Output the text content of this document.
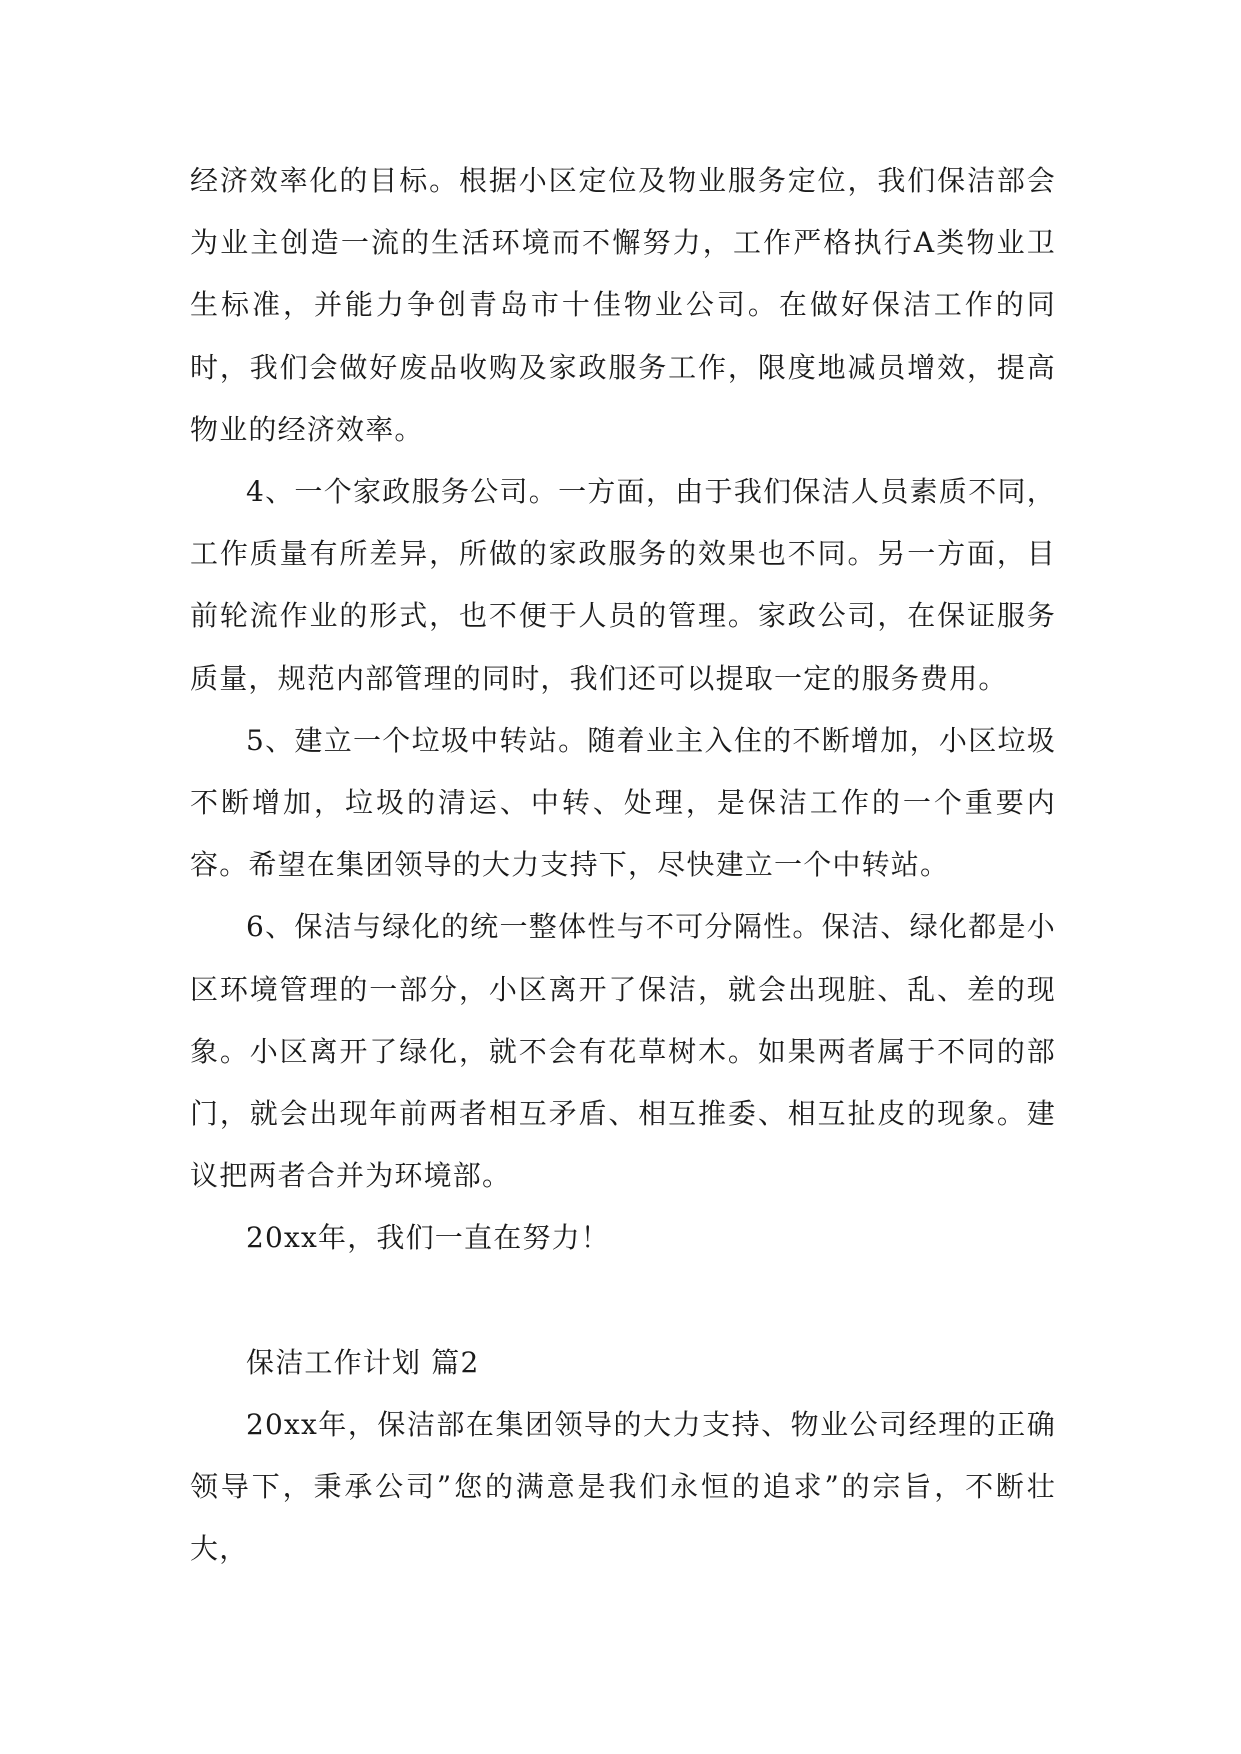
经济效率化的目标。根据小区定位及物业服务定位，我们保洁部会为业主创造一流的生活环境而不懈努力，工作严格执行A类物业卫生标准，并能力争创青岛市十佳物业公司。在做好保洁工作的同时，我们会做好废品收购及家政服务工作，限度地减员增效，提高物业的经济效率。

4、一个家政服务公司。一方面，由于我们保洁人员素质不同，工作质量有所差异，所做的家政服务的效果也不同。另一方面，目前轮流作业的形式，也不便于人员的管理。家政公司，在保证服务质量，规范内部管理的同时，我们还可以提取一定的服务费用。

5、建立一个垃圾中转站。随着业主入住的不断增加，小区垃圾不断增加，垃圾的清运、中转、处理，是保洁工作的一个重要内容。希望在集团领导的大力支持下，尽快建立一个中转站。

6、保洁与绿化的统一整体性与不可分隔性。保洁、绿化都是小区环境管理的一部分，小区离开了保洁，就会出现脏、乱、差的现象。小区离开了绿化，就不会有花草树木。如果两者属于不同的部门，就会出现年前两者相互矛盾、相互推委、相互扯皮的现象。建议把两者合并为环境部。

20xx年，我们一直在努力！

保洁工作计划 篇2

20xx年，保洁部在集团领导的大力支持、物业公司经理的正确领导下，秉承公司”您的满意是我们永恒的追求”的宗旨，不断壮大，
